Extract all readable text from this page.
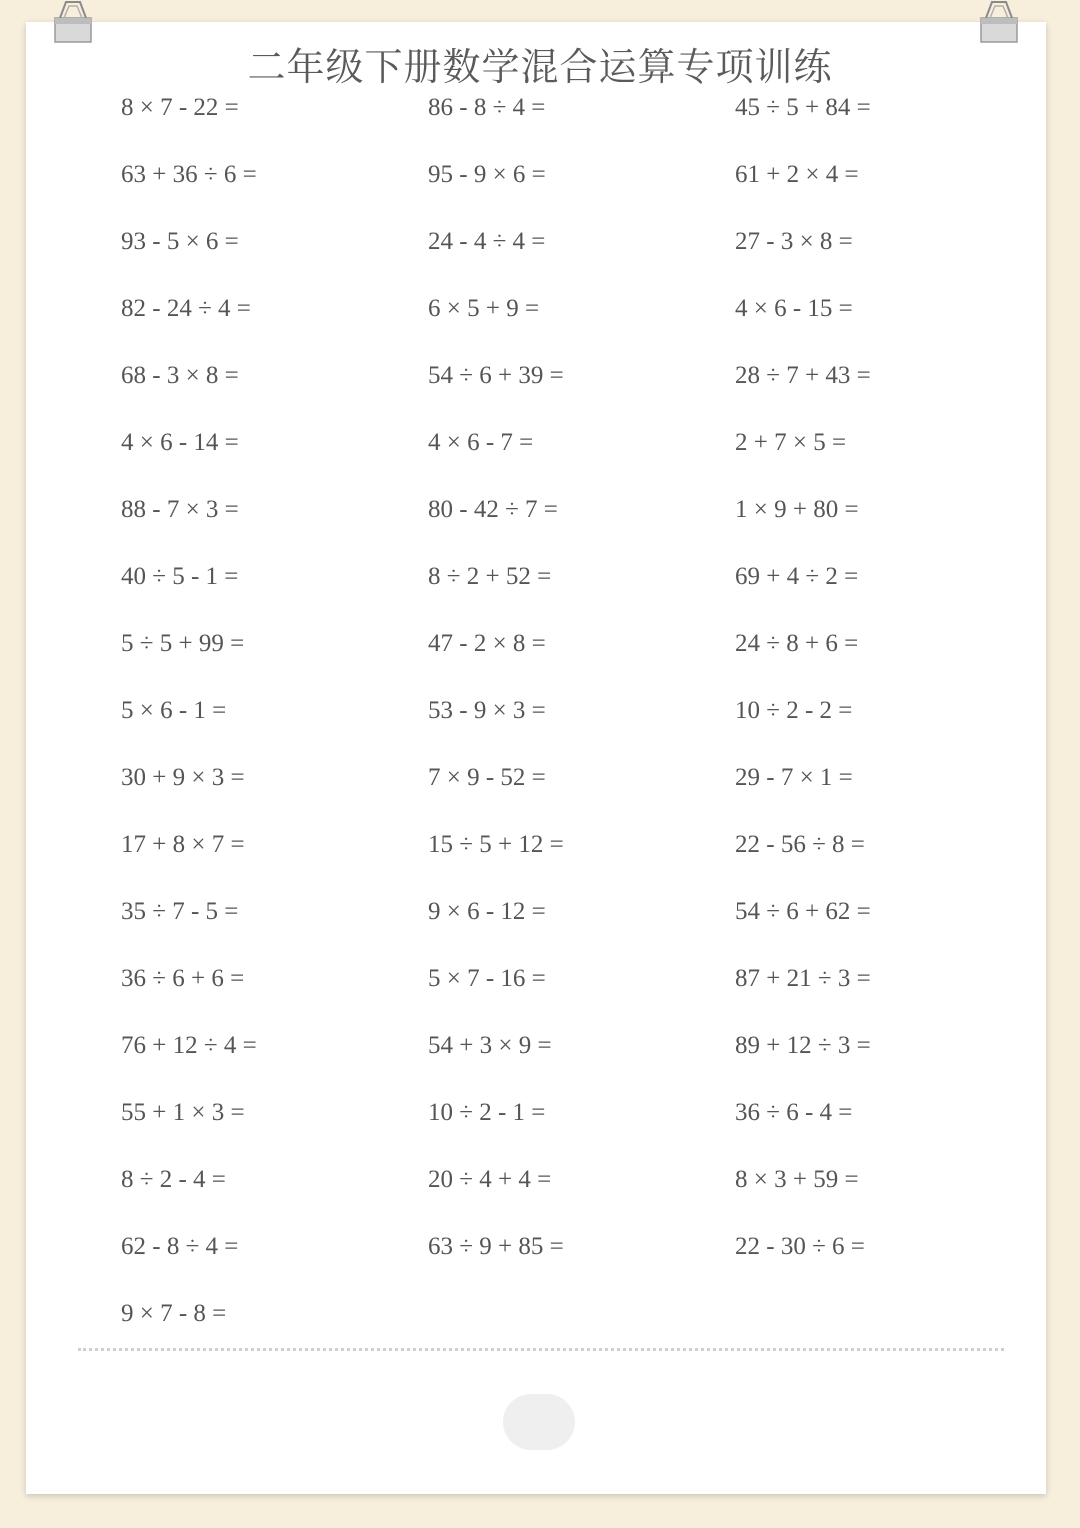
二年级下册数学混合运算专项训练
8 × 7 - 22 =
63 + 36 ÷ 6 =
93 - 5 × 6 =
82 - 24 ÷ 4 =
68 - 3 × 8 =
4 × 6 - 14 =
88 - 7 × 3 =
40 ÷ 5 - 1 =
5 ÷ 5 + 99 =
5 × 6 - 1 =
30 + 9 × 3 =
17 + 8 × 7 =
35 ÷ 7 - 5 =
36 ÷ 6 + 6 =
76 + 12 ÷ 4 =
55 + 1 × 3 =
8 ÷ 2 - 4 =
62 - 8 ÷ 4 =
9 × 7 - 8 =
86 - 8 ÷ 4 =
95 - 9 × 6 =
24 - 4 ÷ 4 =
6 × 5 + 9 =
54 ÷ 6 + 39 =
4 × 6 - 7 =
80 - 42 ÷ 7 =
8 ÷ 2 + 52 =
47 - 2 × 8 =
53 - 9 × 3 =
7 × 9 - 52 =
15 ÷ 5 + 12 =
9 × 6 - 12 =
5 × 7 - 16 =
54 + 3 × 9 =
10 ÷ 2 - 1 =
20 ÷ 4 + 4 =
63 ÷ 9 + 85 =
45 ÷ 5 + 84 =
61 + 2 × 4 =
27 - 3 × 8 =
4 × 6 - 15 =
28 ÷ 7 + 43 =
2 + 7 × 5 =
1 × 9 + 80 =
69 + 4 ÷ 2 =
24 ÷ 8 + 6 =
10 ÷ 2 - 2 =
29 - 7 × 1 =
22 - 56 ÷ 8 =
54 ÷ 6 + 62 =
87 + 21 ÷ 3 =
89 + 12 ÷ 3 =
36 ÷ 6 - 4 =
8 × 3 + 59 =
22 - 30 ÷ 6 =
